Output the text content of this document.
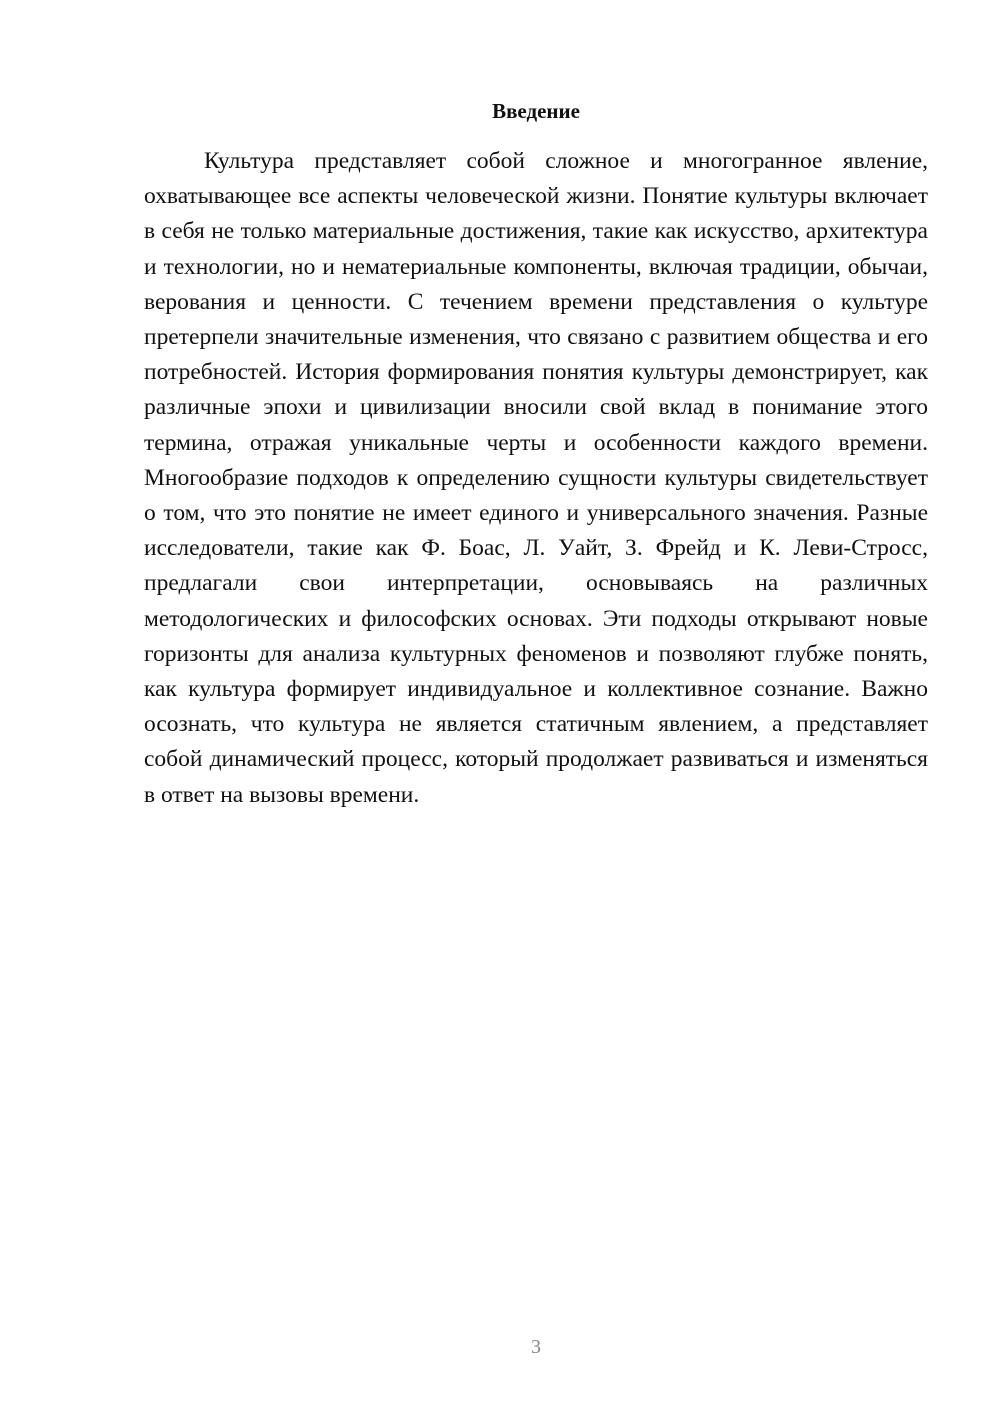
Введение

Культура представляет собой сложное и многогранное явление, охватывающее все аспекты человеческой жизни. Понятие культуры включает в себя не только материальные достижения, такие как искусство, архитектура и технологии, но и нематериальные компоненты, включая традиции, обычаи, верования и ценности. С течением времени представления о культуре претерпели значительные изменения, что связано с развитием общества и его потребностей. История формирования понятия культуры демонстрирует, как различные эпохи и цивилизации вносили свой вклад в понимание этого термина, отражая уникальные черты и особенности каждого времени. Многообразие подходов к определению сущности культуры свидетельствует о том, что это понятие не имеет единого и универсального значения. Разные исследователи, такие как Ф. Боас, Л. Уайт, З. Фрейд и К. Леви-Стросс, предлагали свои интерпретации, основываясь на различных методологических и философских основах. Эти подходы открывают новые горизонты для анализа культурных феноменов и позволяют глубже понять, как культура формирует индивидуальное и коллективное сознание. Важно осознать, что культура не является статичным явлением, а представляет собой динамический процесс, который продолжает развиваться и изменяться в ответ на вызовы времени.

3
